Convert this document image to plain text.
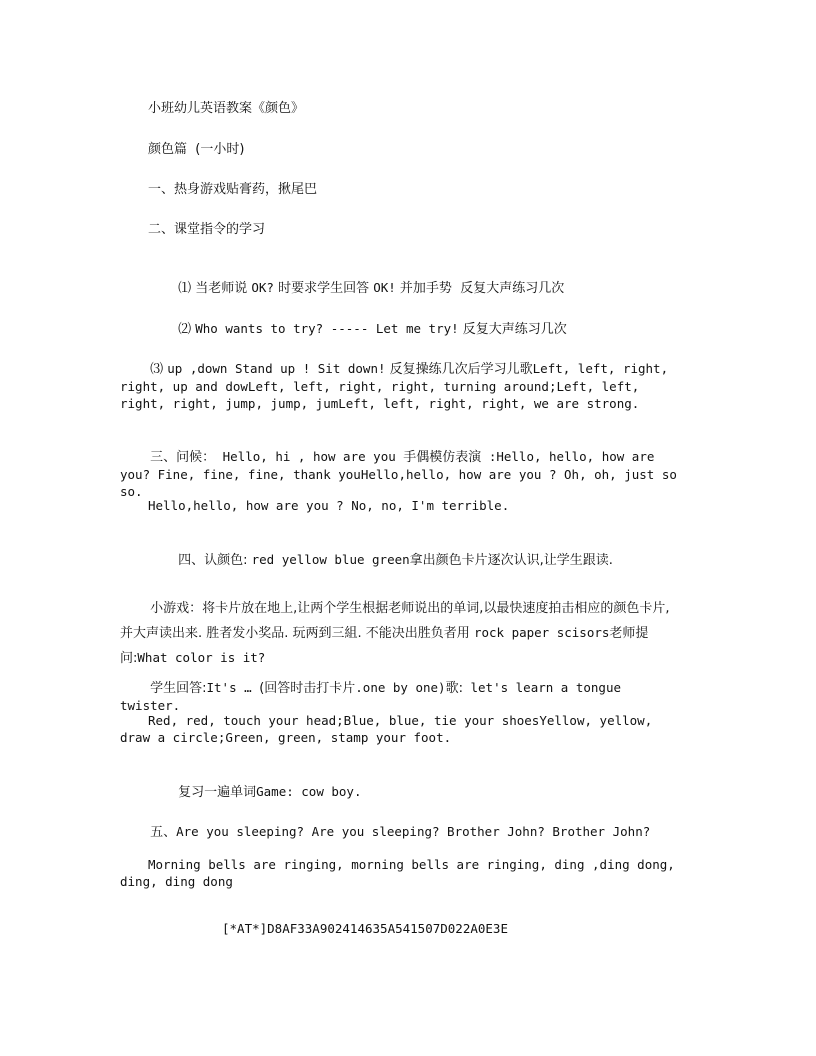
小班幼儿英语教案《颜色》
颜色篇  (一小时)
一、热身游戏贴膏药，揪尾巴
二、课堂指令的学习

⑴ 当老师说 OK? 时要求学生回答 OK! 并加手势  反复大声练习几次

⑵ Who wants to try? ----- Let me try! 反复大声练习几次

⑶ up ,down Stand up ! Sit down! 反复操练几次后学习儿歌Left, left, right, right, up and dowLeft, left, right, right, turning around;Left, left, right, right, jump, jump, jumLeft, left, right, right, we are strong.

三、问候： Hello, hi , how are you 手偶模仿表演 :Hello, hello, how are you? Fine, fine, fine, thank youHello,hello, how are you ? Oh, oh, just so so.

Hello,hello, how are you ? No, no, I'm terrible.

四、认颜色: red yellow blue green拿出颜色卡片逐次认识,让学生跟读.

小游戏：将卡片放在地上,让两个学生根据老师说出的单词,以最快速度拍击相应的颜色卡片,并大声读出来. 胜者发小奖品. 玩两到三組. 不能决出胜负者用 rock paper scisors老师提问:What color is it?

学生回答:It's … (回答时击打卡片.one by one)歌: let's learn a tongue twister.

Red, red, touch your head;Blue, blue, tie your shoesYellow, yellow, draw a circle;Green, green, stamp your foot.

复习一遍单词Game: cow boy.

五、Are you sleeping? Are you sleeping? Brother John? Brother John?

Morning bells are ringing, morning bells are ringing, ding ,ding dong, ding, ding dong
[*AT*]D8AF33A902414635A541507D022A0E3E
